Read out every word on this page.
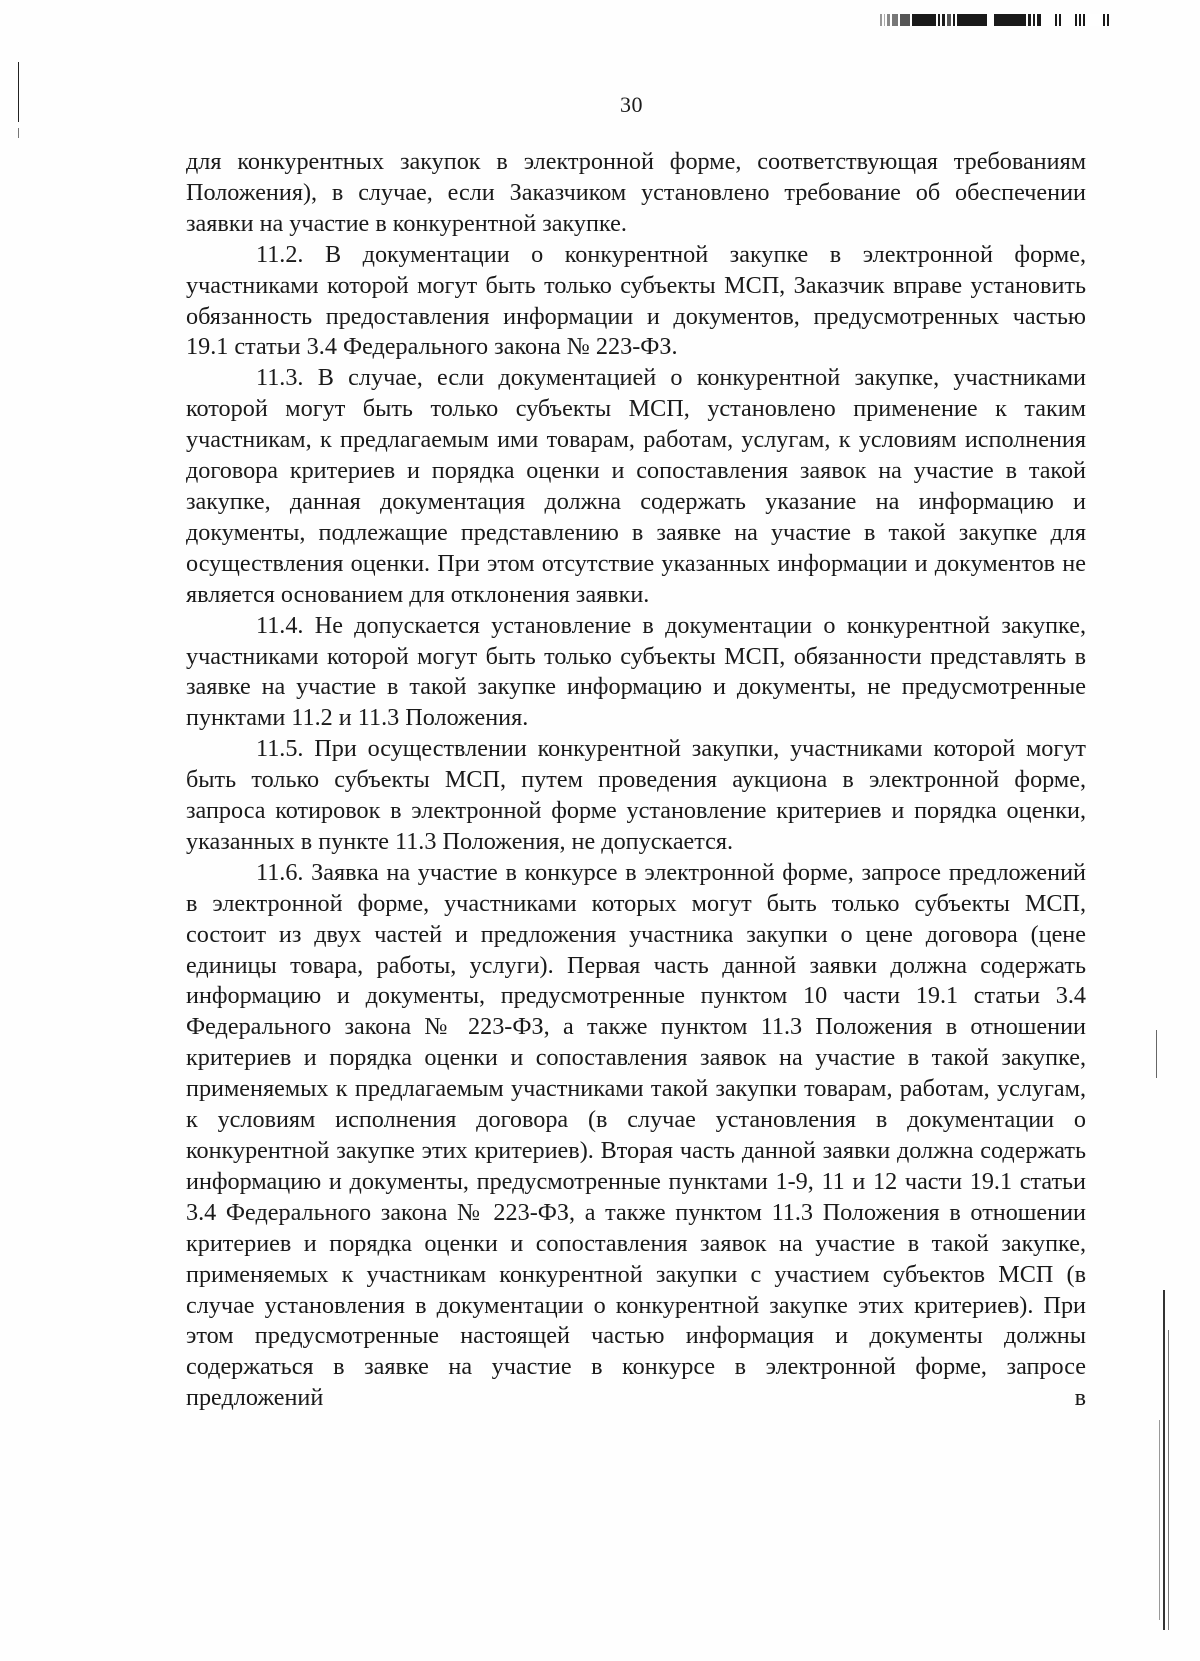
30

для конкурентных закупок в электронной форме, соответствующая требованиям Положения), в случае, если Заказчиком установлено требование об обеспечении заявки на участие в конкурентной закупке.

11.2. В документации о конкурентной закупке в электронной форме, участниками которой могут быть только субъекты МСП, Заказчик вправе установить обязанность предоставления информации и документов, предусмотренных частью 19.1 статьи 3.4 Федерального закона № 223-ФЗ.

11.3. В случае, если документацией о конкурентной закупке, участниками которой могут быть только субъекты МСП, установлено применение к таким участникам, к предлагаемым ими товарам, работам, услугам, к условиям исполнения договора критериев и порядка оценки и сопоставления заявок на участие в такой закупке, данная документация должна содержать указание на информацию и документы, подлежащие представлению в заявке на участие в такой закупке для осуществления оценки. При этом отсутствие указанных информации и документов не является основанием для отклонения заявки.

11.4. Не допускается установление в документации о конкурентной закупке, участниками которой могут быть только субъекты МСП, обязанности представлять в заявке на участие в такой закупке информацию и документы, не предусмотренные пунктами 11.2 и 11.3 Положения.

11.5. При осуществлении конкурентной закупки, участниками которой могут быть только субъекты МСП, путем проведения аукциона в электронной форме, запроса котировок в электронной форме установление критериев и порядка оценки, указанных в пункте 11.3 Положения, не допускается.

11.6. Заявка на участие в конкурсе в электронной форме, запросе предложений в электронной форме, участниками которых могут быть только субъекты МСП, состоит из двух частей и предложения участника закупки о цене договора (цене единицы товара, работы, услуги). Первая часть данной заявки должна содержать информацию и документы, предусмотренные пунктом 10 части 19.1 статьи 3.4 Федерального закона № 223-ФЗ, а также пунктом 11.3 Положения в отношении критериев и порядка оценки и сопоставления заявок на участие в такой закупке, применяемых к предлагаемым участниками такой закупки товарам, работам, услугам, к условиям исполнения договора (в случае установления в документации о конкурентной закупке этих критериев). Вторая часть данной заявки должна содержать информацию и документы, предусмотренные пунктами 1-9, 11 и 12 части 19.1 статьи 3.4 Федерального закона № 223-ФЗ, а также пунктом 11.3 Положения в отношении критериев и порядка оценки и сопоставления заявок на участие в такой закупке, применяемых к участникам конкурентной закупки с участием субъектов МСП (в случае установления в документации о конкурентной закупке этих критериев). При этом предусмотренные настоящей частью информация и документы должны содержаться в заявке на участие в конкурсе в электронной форме, запросе предложений в
